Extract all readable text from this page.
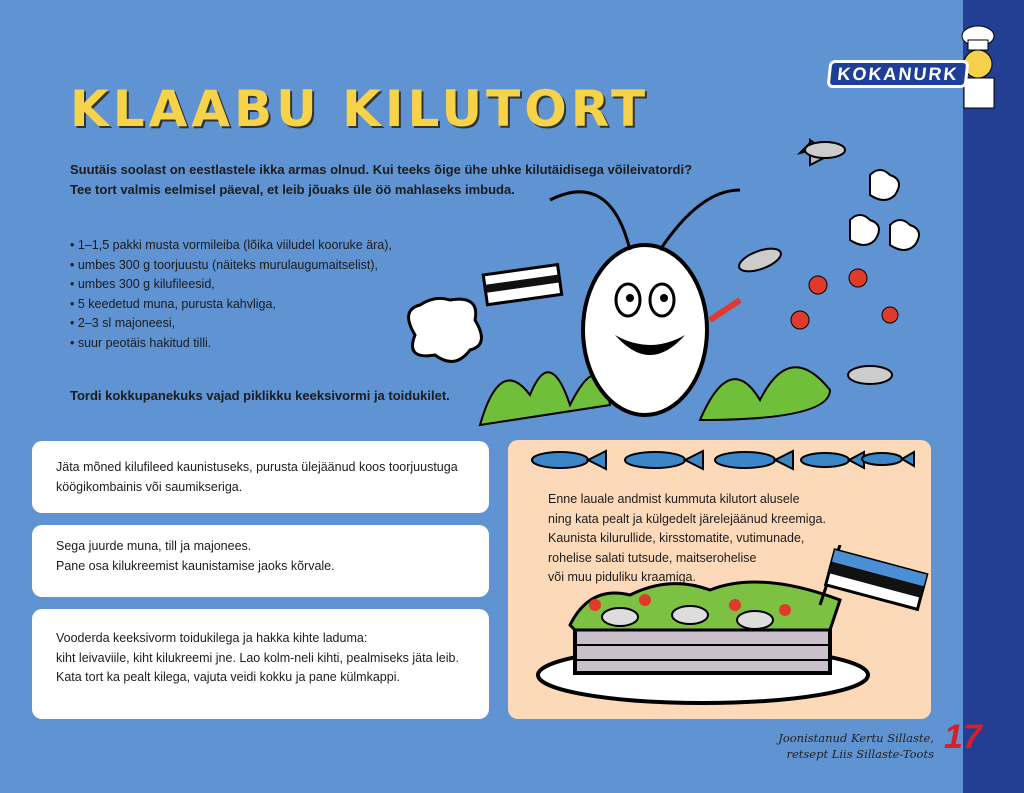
KOKANURK
KLAABU KILUTORT
Suutäis soolast on eestlastele ikka armas olnud. Kui teeks õige ühe uhke kilutäidisega võileivatordi?
Tee tort valmis eelmisel päeval, et leib jõuaks üle öö mahlaseks imbuda.
• 1–1,5 pakki musta vormileiba (lõika viiludel kooruke ära),
• umbes 300 g toorjuustu (näiteks murulaugumaitselist),
• umbes 300 g kilufileesid,
• 5 keedetud muna, purusta kahvliga,
• 2–3 sl majoneesi,
• suur peotäis hakitud tilli.
Tordi kokkupanekuks vajad piklikku keeksivormi ja toidukilet.
Jäta mõned kilufileed kaunistuseks, purusta ülejäänud koos toorjuustuga
köögikombainis või saumikseriga.
Sega juurde muna, till ja majonees.
Pane osa kilukreemist kaunistamise jaoks kõrvale.
Vooderda keeksivorm toidukilega ja hakka kihte laduma:
kiht leivaviile, kiht kilukreemi jne. Lao kolm-neli kihti, pealmiseks jäta leib.
Kata tort ka pealt kilega, vajuta veidi kokku ja pane külmkappi.
Enne lauale andmist kummuta kilutort alusele
ning kata pealt ja külgedelt järelejäänud kreemiga.
Kaunista kilurullide, kirsstomatite, vutimunade,
rohelise salati tutsude, maitserohelise
või muu piduliku kraamiga.
Joonistanud Kertu Sillaste,
retsept Liis Sillaste-Toots 17
